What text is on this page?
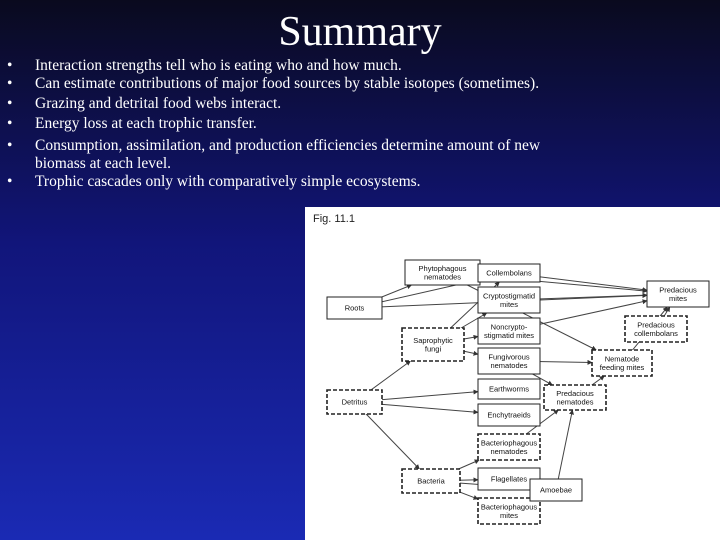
Summary
• Interaction strengths tell who is eating who and how much.
• Can estimate contributions of major food sources by stable isotopes (sometimes).
• Grazing and detrital food webs interact.
• Energy loss at each trophic transfer.
• Consumption, assimilation, and production efficiencies determine amount of new
biomass at each level.
• Trophic cascades only with comparatively simple ecosystems.
Fig. 11.1
Phytophagous
nematodes	Collembolans
Roots
Cryptostigmatid
mites
Noncrypto-
stigmatid mites
Saprophytic
fungi
Fungivorous
nematodes
Earthworms
Detritus
Enchytraeids
Bacteriophagous
nematodes
Bacteria	Flagellates
Bacteriophagous
mites
Amoebae
Predacious
nematodes
Nematode
feeding mites
Predacious
collembolans
Predacious
mites
